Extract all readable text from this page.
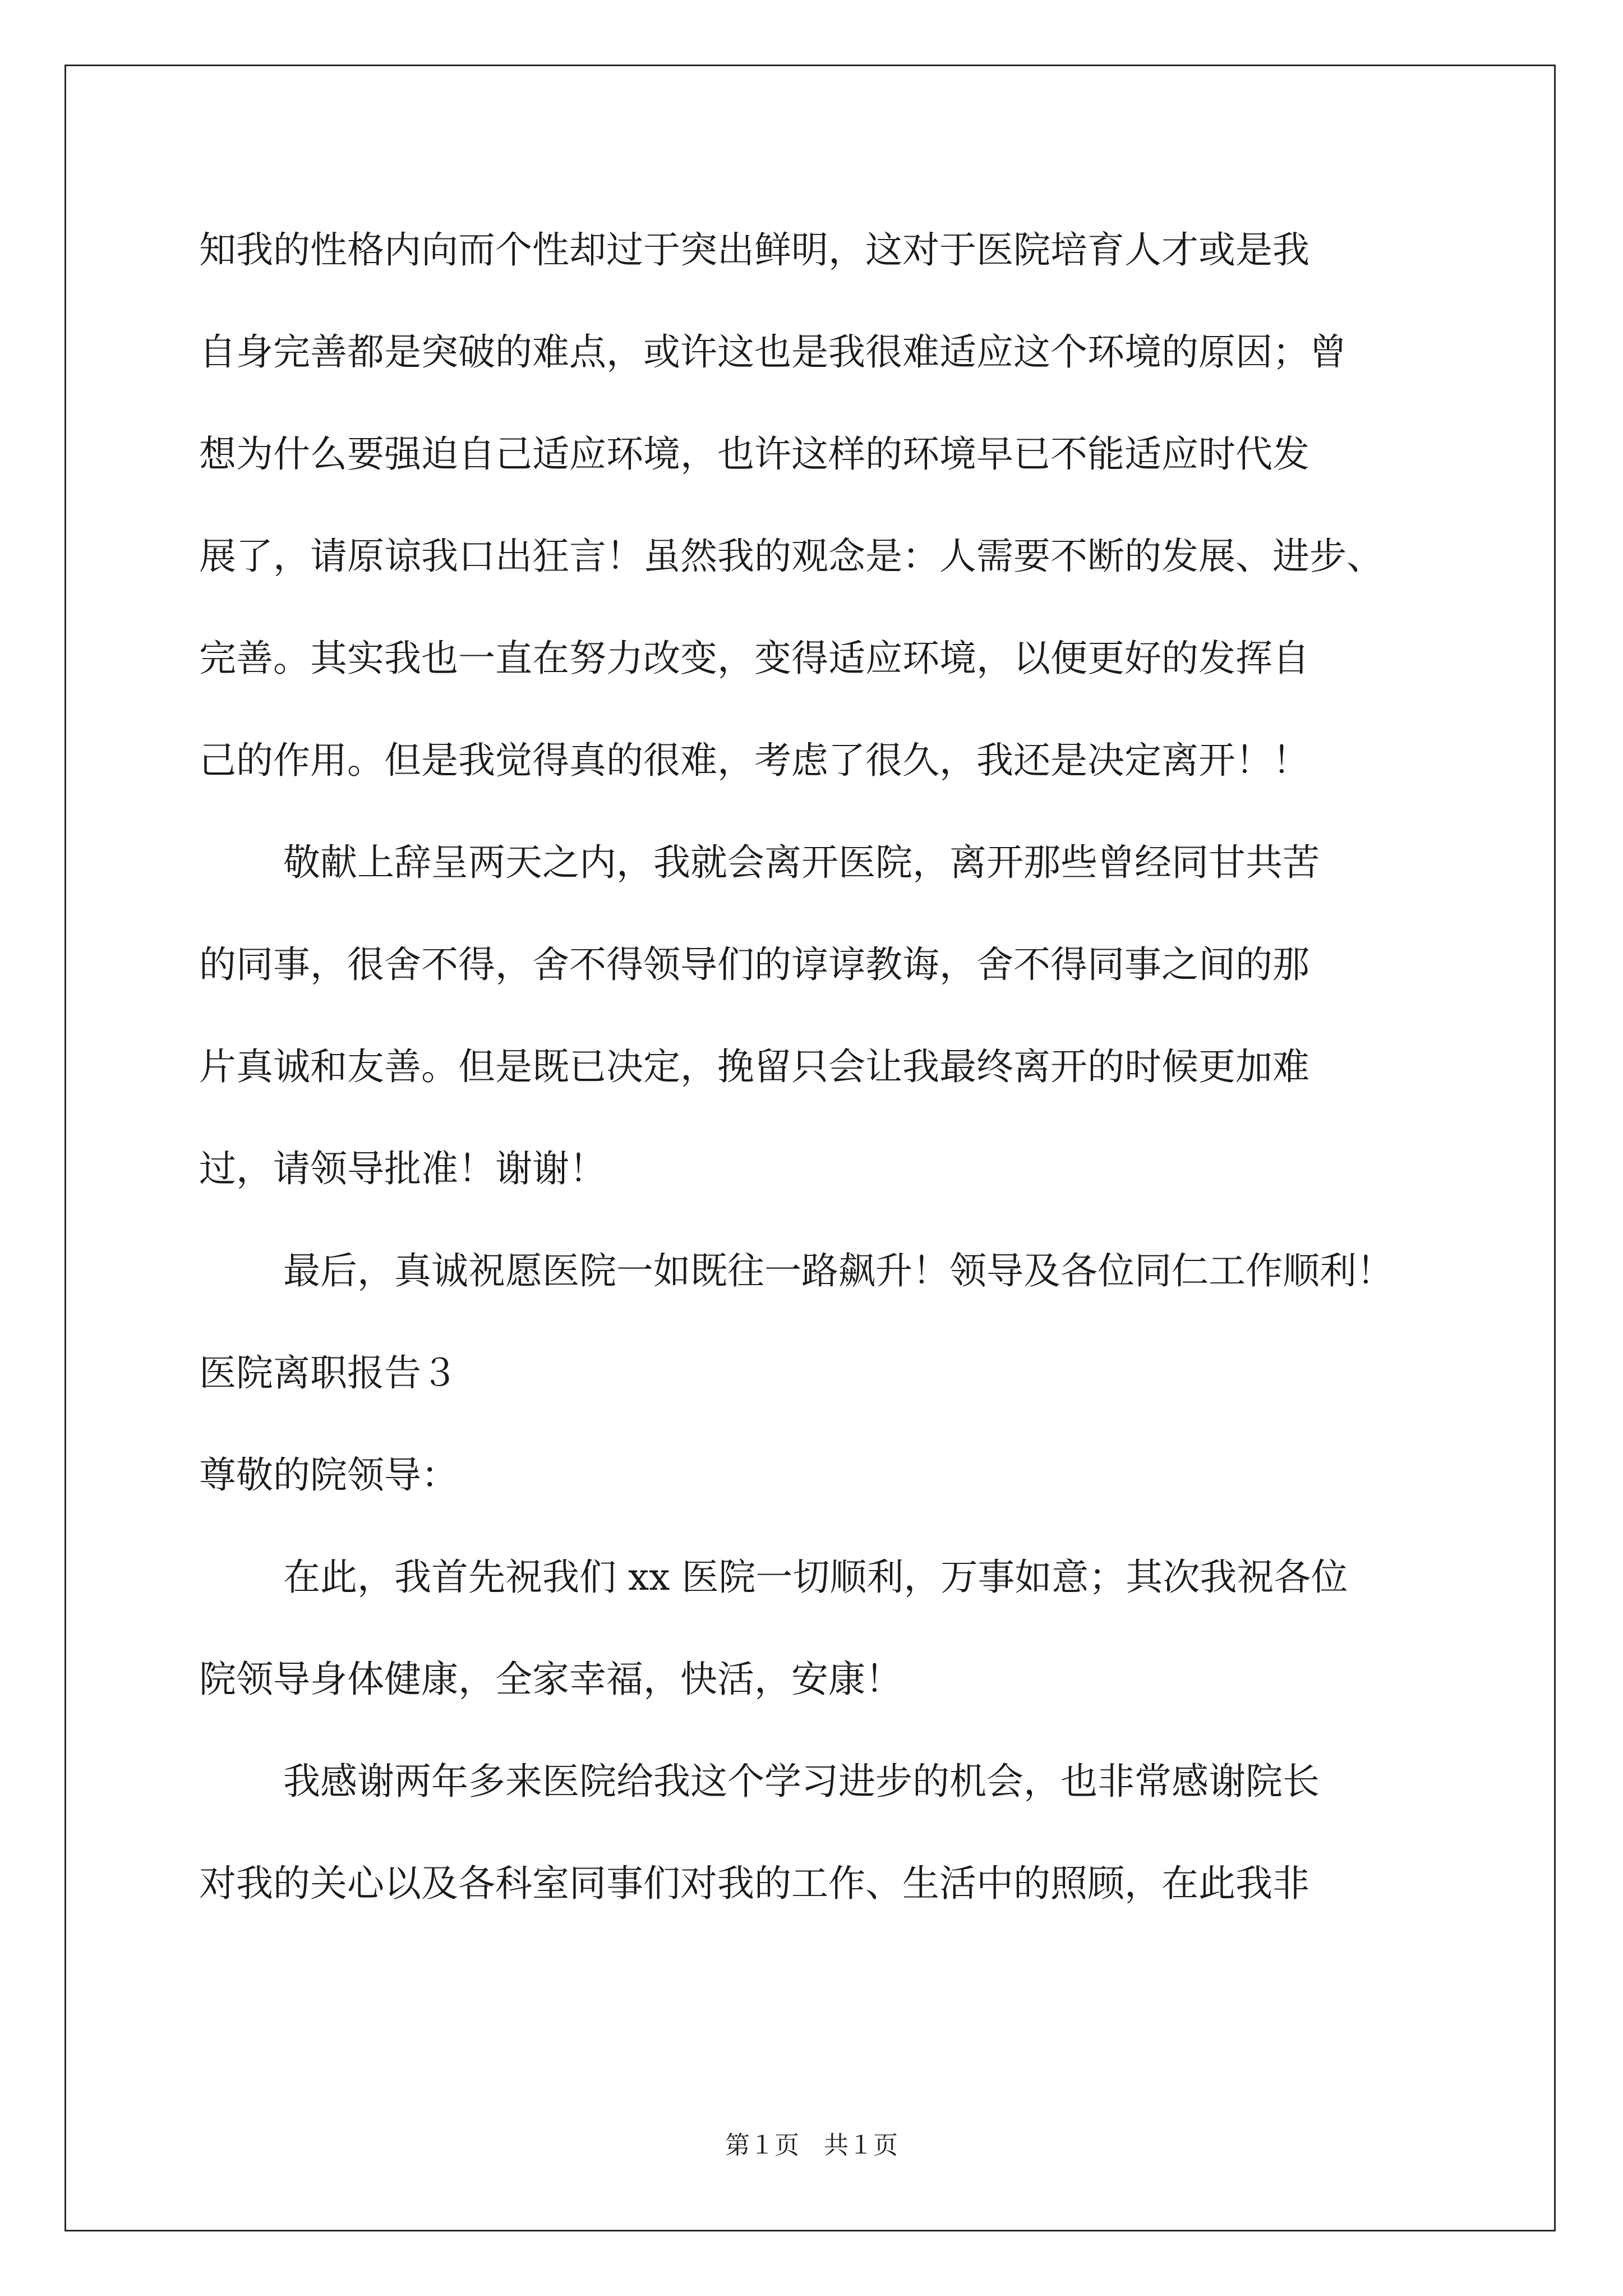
知我的性格内向而个性却过于突出鲜明，这对于医院培育人才或是我
自身完善都是突破的难点，或许这也是我很难适应这个环境的原因；曾
想为什么要强迫自己适应环境，也许这样的环境早已不能适应时代发
展了，请原谅我口出狂言！虽然我的观念是：人需要不断的发展、进步、
完善。其实我也一直在努力改变，变得适应环境，以便更好的发挥自
己的作用。但是我觉得真的很难，考虑了很久，我还是决定离开！！
敬献上辞呈两天之内，我就会离开医院，离开那些曾经同甘共苦
的同事，很舍不得，舍不得领导们的谆谆教诲，舍不得同事之间的那
片真诚和友善。但是既已决定，挽留只会让我最终离开的时候更加难
过，请领导批准！谢谢！
最后，真诚祝愿医院一如既往一路飙升！领导及各位同仁工作顺利！
医院离职报告３
尊敬的院领导：
在此，我首先祝我们 xx 医院一切顺利，万事如意；其次我祝各位
院领导身体健康，全家幸福，快活，安康！
我感谢两年多来医院给我这个学习进步的机会，也非常感谢院长
对我的关心以及各科室同事们对我的工作、生活中的照顾，在此我非
第１页　共１页
